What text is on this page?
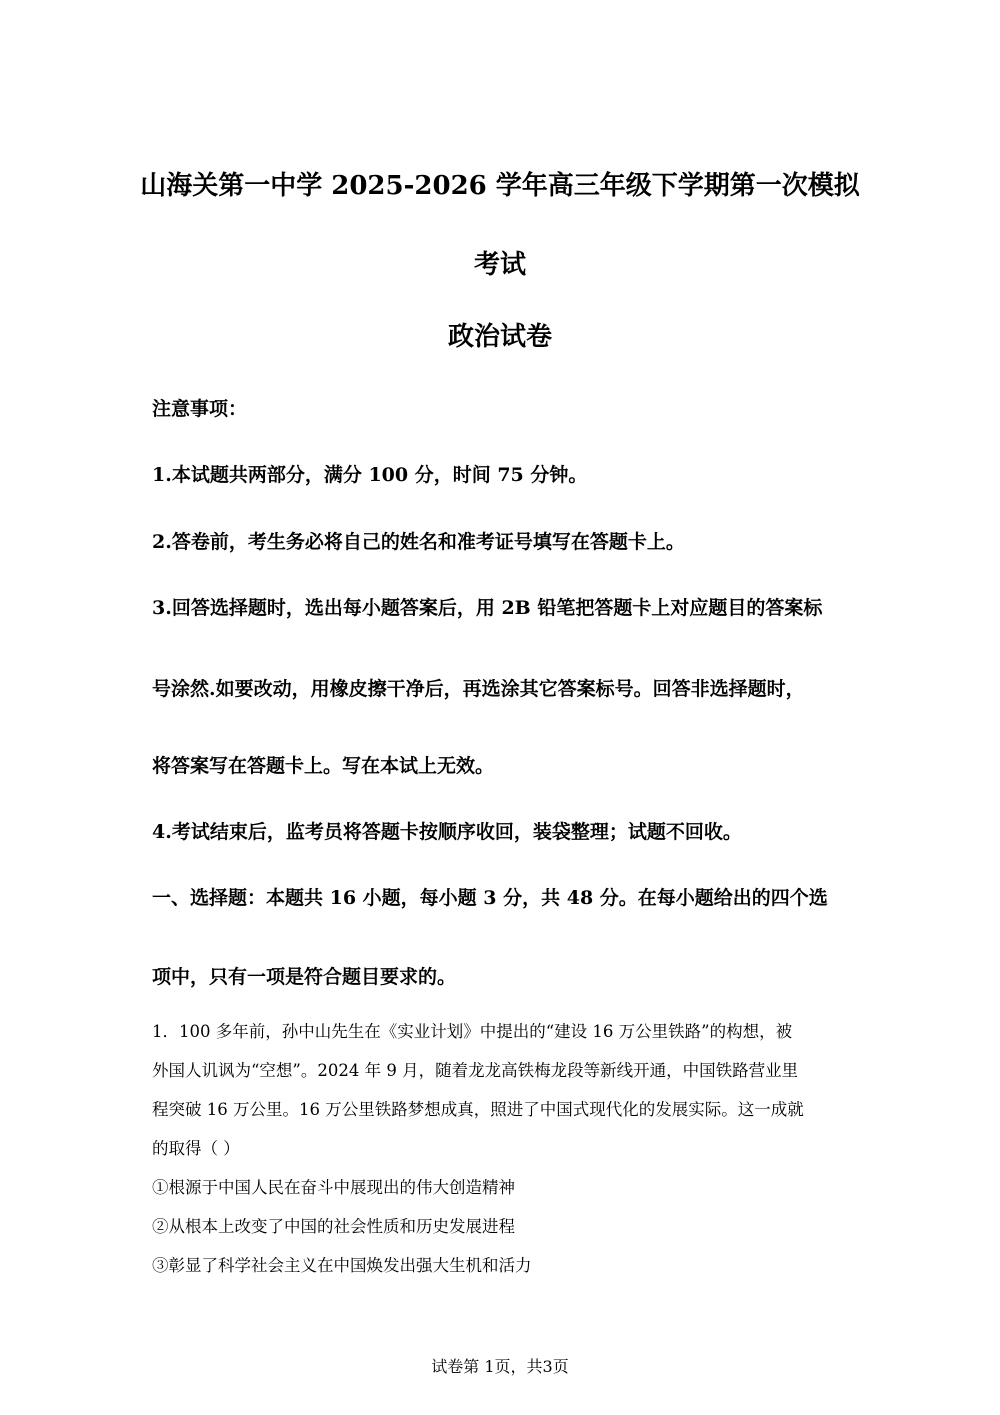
山海关第一中学 2025-2026 学年高三年级下学期第一次模拟
考试
政治试卷
注意事项：
1.本试题共两部分，满分 100 分，时间 75 分钟。
2.答卷前，考生务必将自己的姓名和准考证号填写在答题卡上。
3.回答选择题时，选出每小题答案后，用 2B 铅笔把答题卡上对应题目的答案标
号涂然.如要改动，用橡皮擦干净后，再选涂其它答案标号。回答非选择题时，
将答案写在答题卡上。写在本试上无效。
4.考试结束后，监考员将答题卡按顺序收回，装袋整理；试题不回收。
一、选择题：本题共 16 小题，每小题 3 分，共 48 分。在每小题给出的四个选
项中，只有一项是符合题目要求的。
1．100 多年前，孙中山先生在《实业计划》中提出的“建设 16 万公里铁路”的构想，被
外国人讥讽为“空想”。2024 年 9 月，随着龙龙高铁梅龙段等新线开通，中国铁路营业里
程突破 16 万公里。16 万公里铁路梦想成真，照进了中国式现代化的发展实际。这一成就
的取得（ ）
①根源于中国人民在奋斗中展现出的伟大创造精神
②从根本上改变了中国的社会性质和历史发展进程
③彰显了科学社会主义在中国焕发出强大生机和活力
试卷第 1页，共3页
